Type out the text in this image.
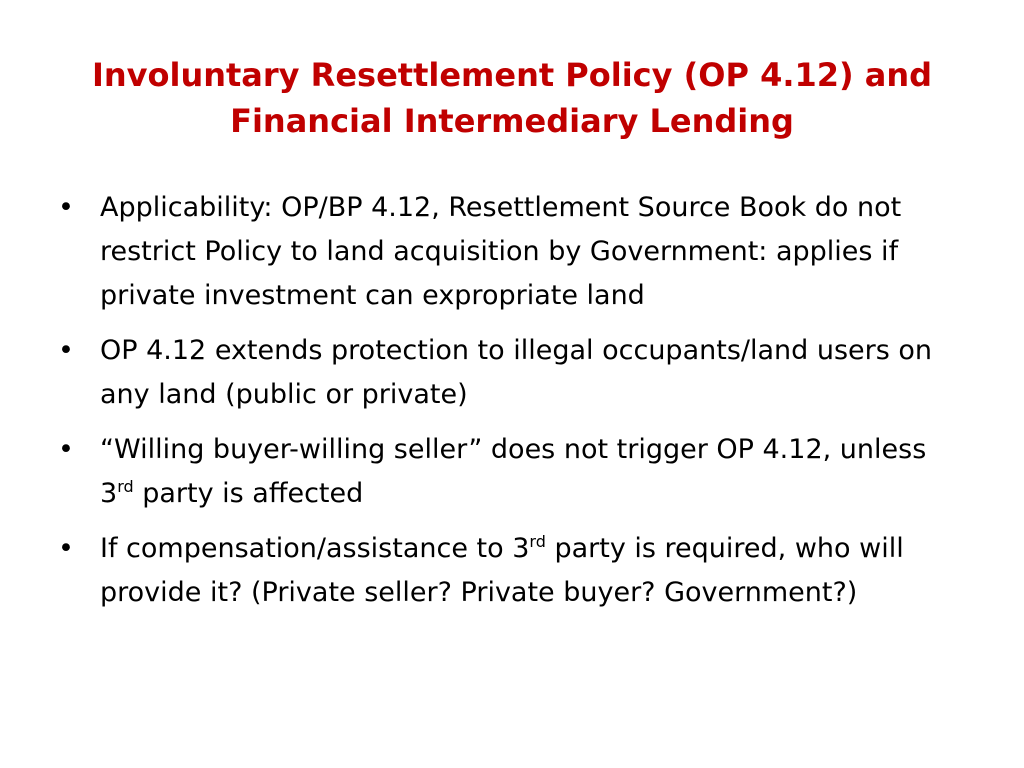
Involuntary Resettlement Policy (OP 4.12) and
Financial Intermediary Lending
• Applicability: OP/BP 4.12, Resettlement Source Book do not restrict Policy to land acquisition by Government: applies if private investment can expropriate land
• OP 4.12 extends protection to illegal occupants/land users on any land (public or private)
• “Willing buyer-willing seller” does not trigger OP 4.12, unless 3rd party is affected
• If compensation/assistance to 3rd party is required, who will provide it? (Private seller? Private buyer? Government?)
